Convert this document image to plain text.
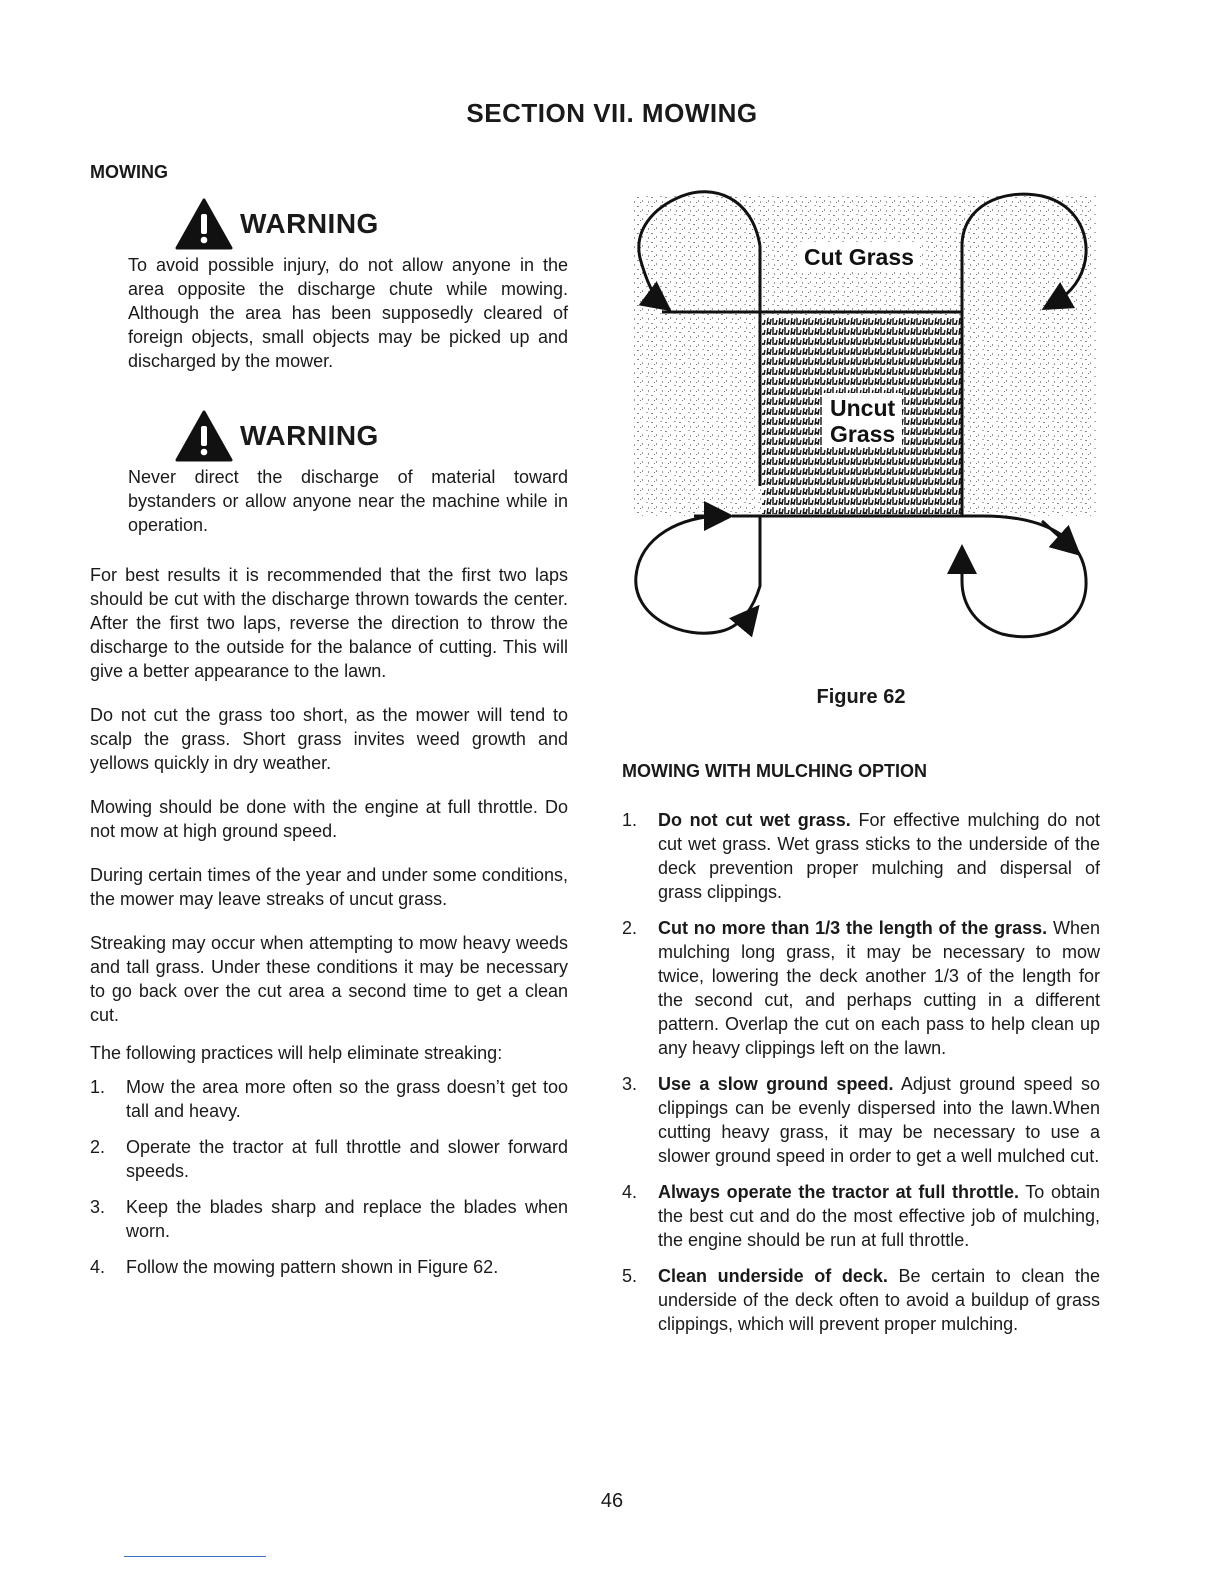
SECTION VII. MOWING
MOWING
WARNING

To avoid possible injury, do not allow anyone in the area opposite the discharge chute while mowing. Although the area has been supposedly cleared of foreign objects, small objects may be picked up and discharged by the mower.

WARNING

Never direct the discharge of material toward bystanders or allow anyone near the machine while in operation.

For best results it is recommended that the first two laps should be cut with the discharge thrown towards the center. After the first two laps, reverse the direction to throw the discharge to the outside for the balance of cutting. This will give a better appearance to the lawn.

Do not cut the grass too short, as the mower will tend to scalp the grass. Short grass invites weed growth and yellows quickly in dry weather.

Mowing should be done with the engine at full throttle. Do not mow at high ground speed.

During certain times of the year and under some conditions, the mower may leave streaks of uncut grass.

Streaking may occur when attempting to mow heavy weeds and tall grass. Under these conditions it may be necessary to go back over the cut area a second time to get a clean cut.

The following practices will help eliminate streaking:

1.	Mow the area more often so the grass doesn’t get too tall and heavy.
2.	Operate the tractor at full throttle and slower forward speeds.
3.	Keep the blades sharp and replace the blades when worn.
4.	Follow the mowing pattern shown in Figure 62.
Cut Grass
Uncut
Grass
Figure 62
MOWING WITH MULCHING OPTION
1.	Do not cut wet grass. For effective mulching do not cut wet grass. Wet grass sticks to the underside of the deck prevention proper mulching and dispersal of grass clippings.
2.	Cut no more than 1/3 the length of the grass. When mulching long grass, it may be necessary to mow twice, lowering the deck another 1/3 of the length for the second cut, and perhaps cutting in a different pattern. Overlap the cut on each pass to help clean up any heavy clippings left on the lawn.
3.	Use a slow ground speed. Adjust ground speed so clippings can be evenly dispersed into the lawn.When cutting heavy grass, it may be necessary to use a slower ground speed in order to get a well mulched cut.
4.	Always operate the tractor at full throttle. To obtain the best cut and do the most effective job of mulching, the engine should be run at full throttle.
5.	Clean underside of deck. Be certain to clean the underside of the deck often to avoid a buildup of grass clippings, which will prevent proper mulching.
46
